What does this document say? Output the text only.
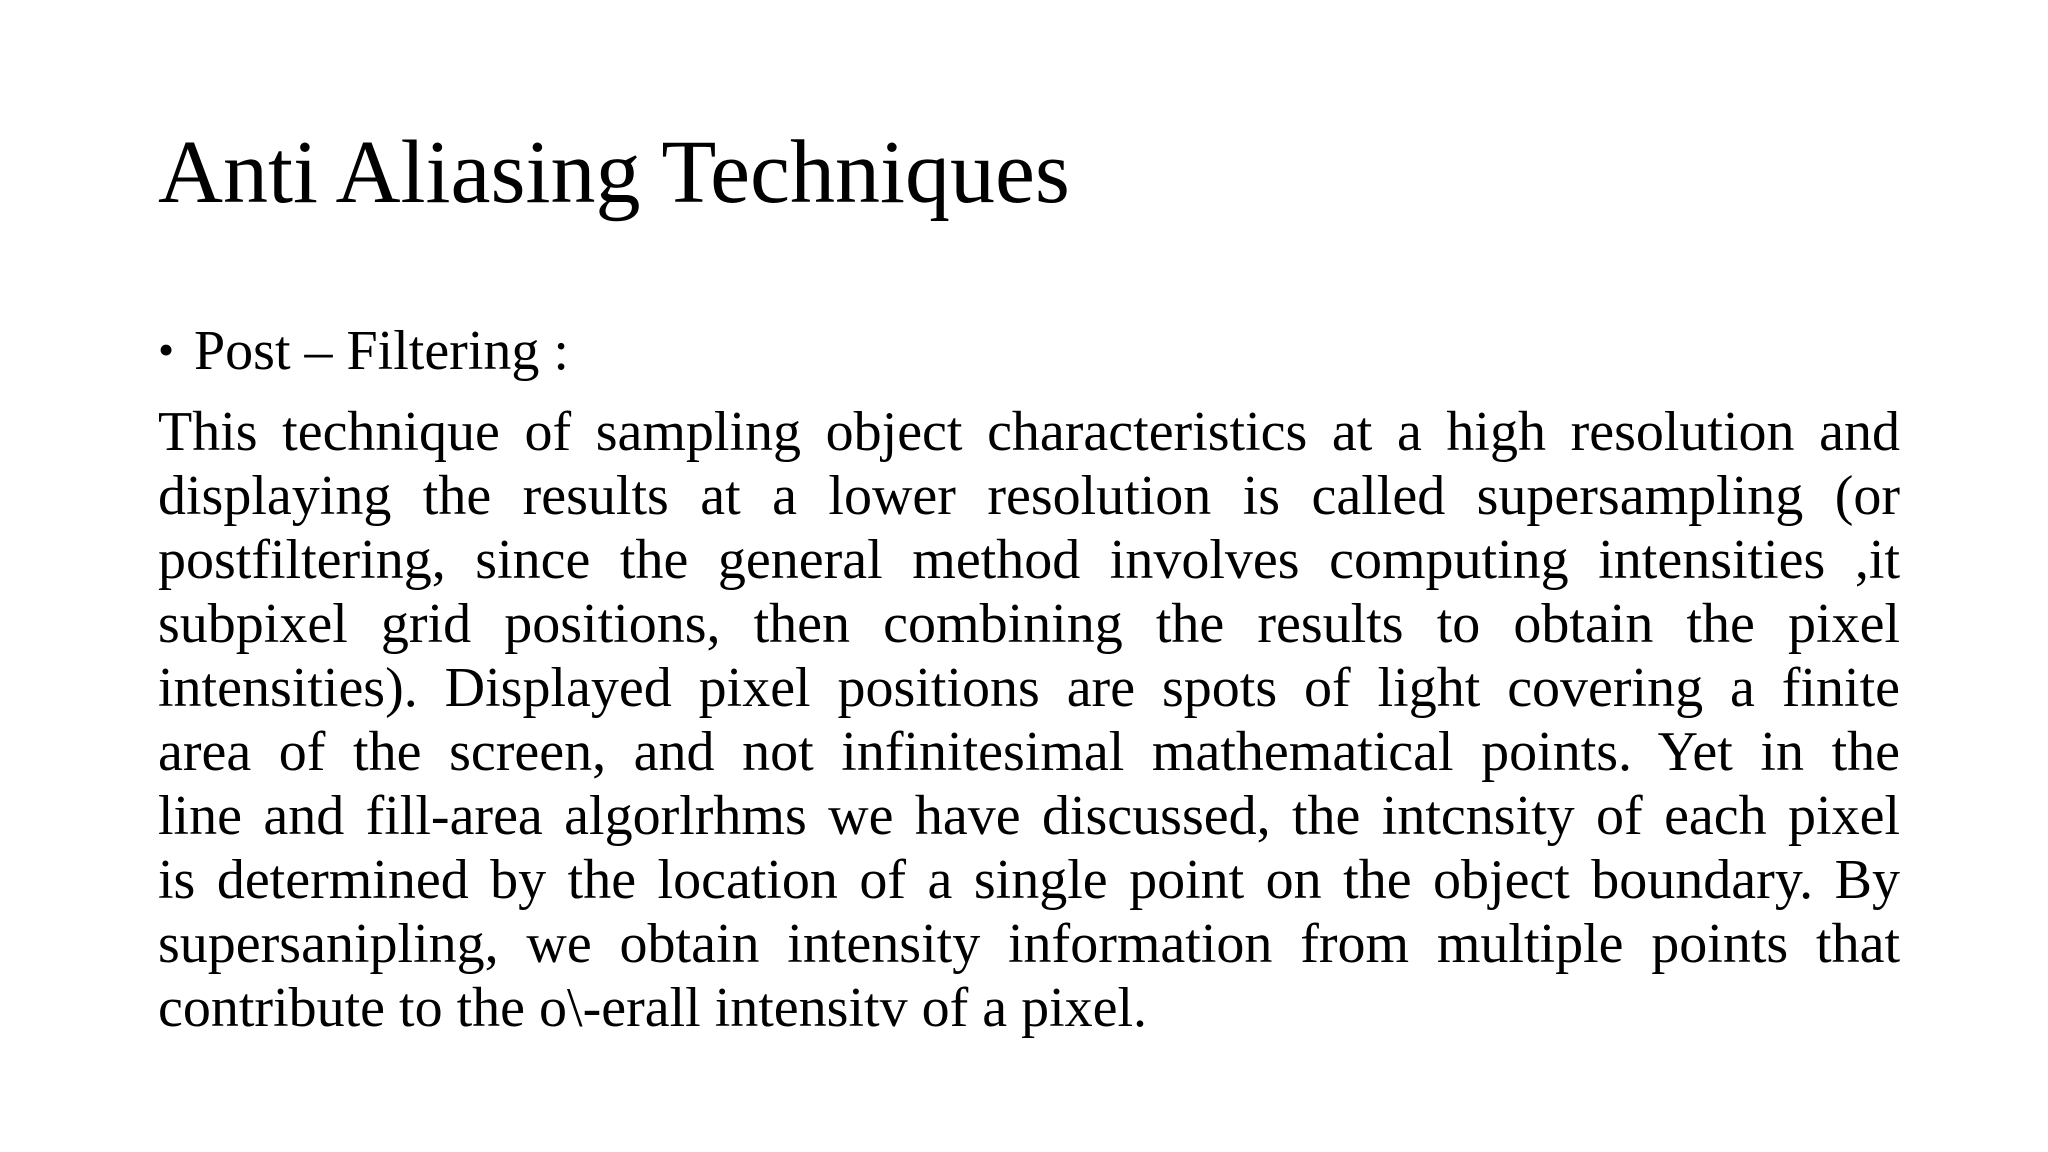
Anti Aliasing Techniques
• Post – Filtering :
This technique of sampling object characteristics at a high resolution and
displaying the results at a lower resolution is called supersampling (or
postfiltering, since the general method involves computing intensities ,it
subpixel grid positions, then combining the results to obtain the pixel
intensities). Displayed pixel positions are spots of light covering a finite
area of the screen, and not infinitesimal mathematical points. Yet in the
line and fill-area algorlrhms we have discussed, the intcnsity of each pixel
is determined by the location of a single point on the object boundary. By
supersanipling, we obtain intensity information from multiple points that
contribute to the o\-erall intensitv of a pixel.
